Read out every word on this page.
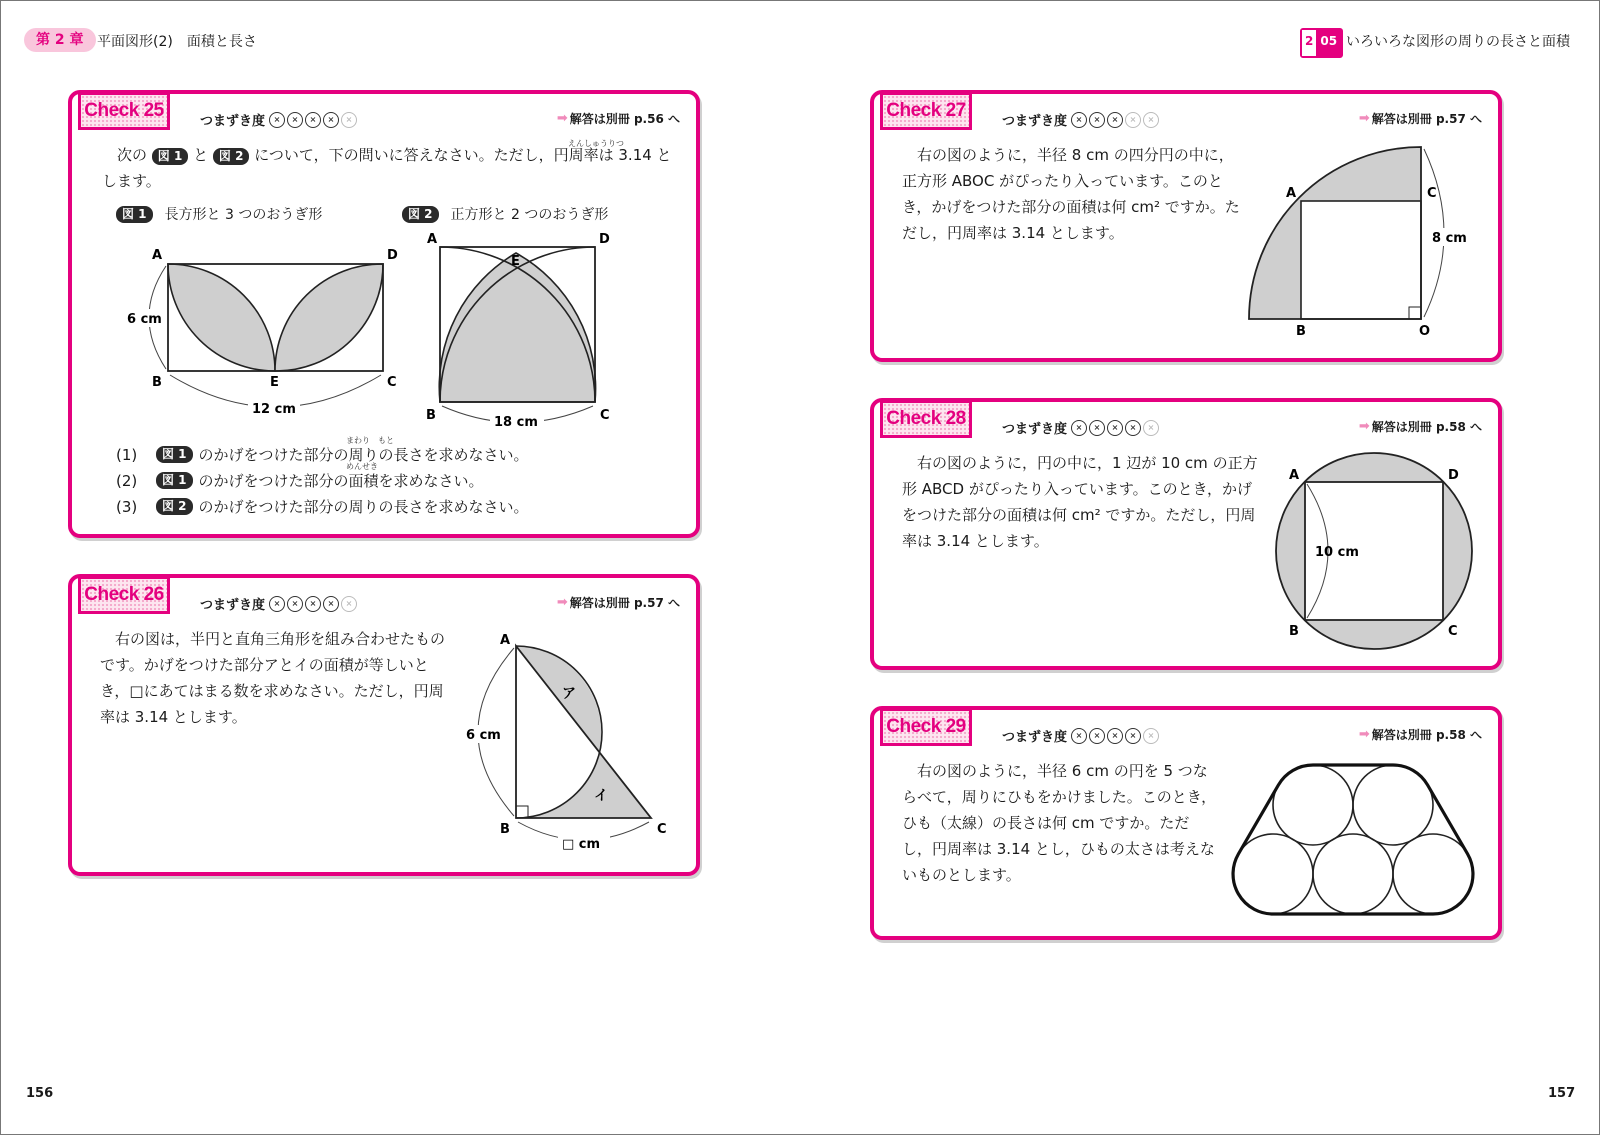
第 2 章 平面図形(2)　面積と長さ	2 05 いろいろな図形の周りの長さと面積
Check 25
つまずき度	×	×	×	×	×	➡ 解答は別冊 p.56 へ
えんしゅうりつ
次の 図 1 と 図 2 について，下の問いに答えなさい。ただし，円周率は 3.14 とします。
図 1	長方形と 3 つのおうぎ形	図 2	正方形と 2 つのおうぎ形
A	D
B	E	C
6 cm
12 cm
A	D
E
B	C
18 cm
(1)	図 1 のかげをつけた部分の周りの長さを求めなさい。
まわり　もと
(2)	図 1 のかげをつけた部分の面積を求めなさい。
めんせき
(3)	図 2 のかげをつけた部分の周りの長さを求めなさい。
Check 26
つまずき度	×	×	×	×	×	➡ 解答は別冊 p.57 へ
右の図は，半円と直角三角形を組み合わせたものです。かげをつけた部分アとイの面積が等しいとき，□にあてはまる数を求めなさい。ただし，円周率は 3.14 とします。
A
B	C
ア
イ
6 cm
□ cm
Check 27
つまずき度	×	×	×	×	×	➡ 解答は別冊 p.57 へ
右の図のように，半径 8 cm の四分円の中に，正方形 ABOC がぴったり入っています。このとき，かげをつけた部分の面積は何 cm² ですか。ただし，円周率は 3.14 とします。
A	C
B	O
8 cm
Check 28
つまずき度	×	×	×	×	×	➡ 解答は別冊 p.58 へ
右の図のように，円の中に，1 辺が 10 cm の正方形 ABCD がぴったり入っています。このとき，かげをつけた部分の面積は何 cm² ですか。ただし，円周率は 3.14 とします。
A	D
B	C
10 cm
Check 29
つまずき度	×	×	×	×	×	➡ 解答は別冊 p.58 へ
右の図のように，半径 6 cm の円を 5 つならべて，周りにひもをかけました。このとき，ひも（太線）の長さは何 cm ですか。ただし，円周率は 3.14 とし，ひもの太さは考えないものとします。
156	157
